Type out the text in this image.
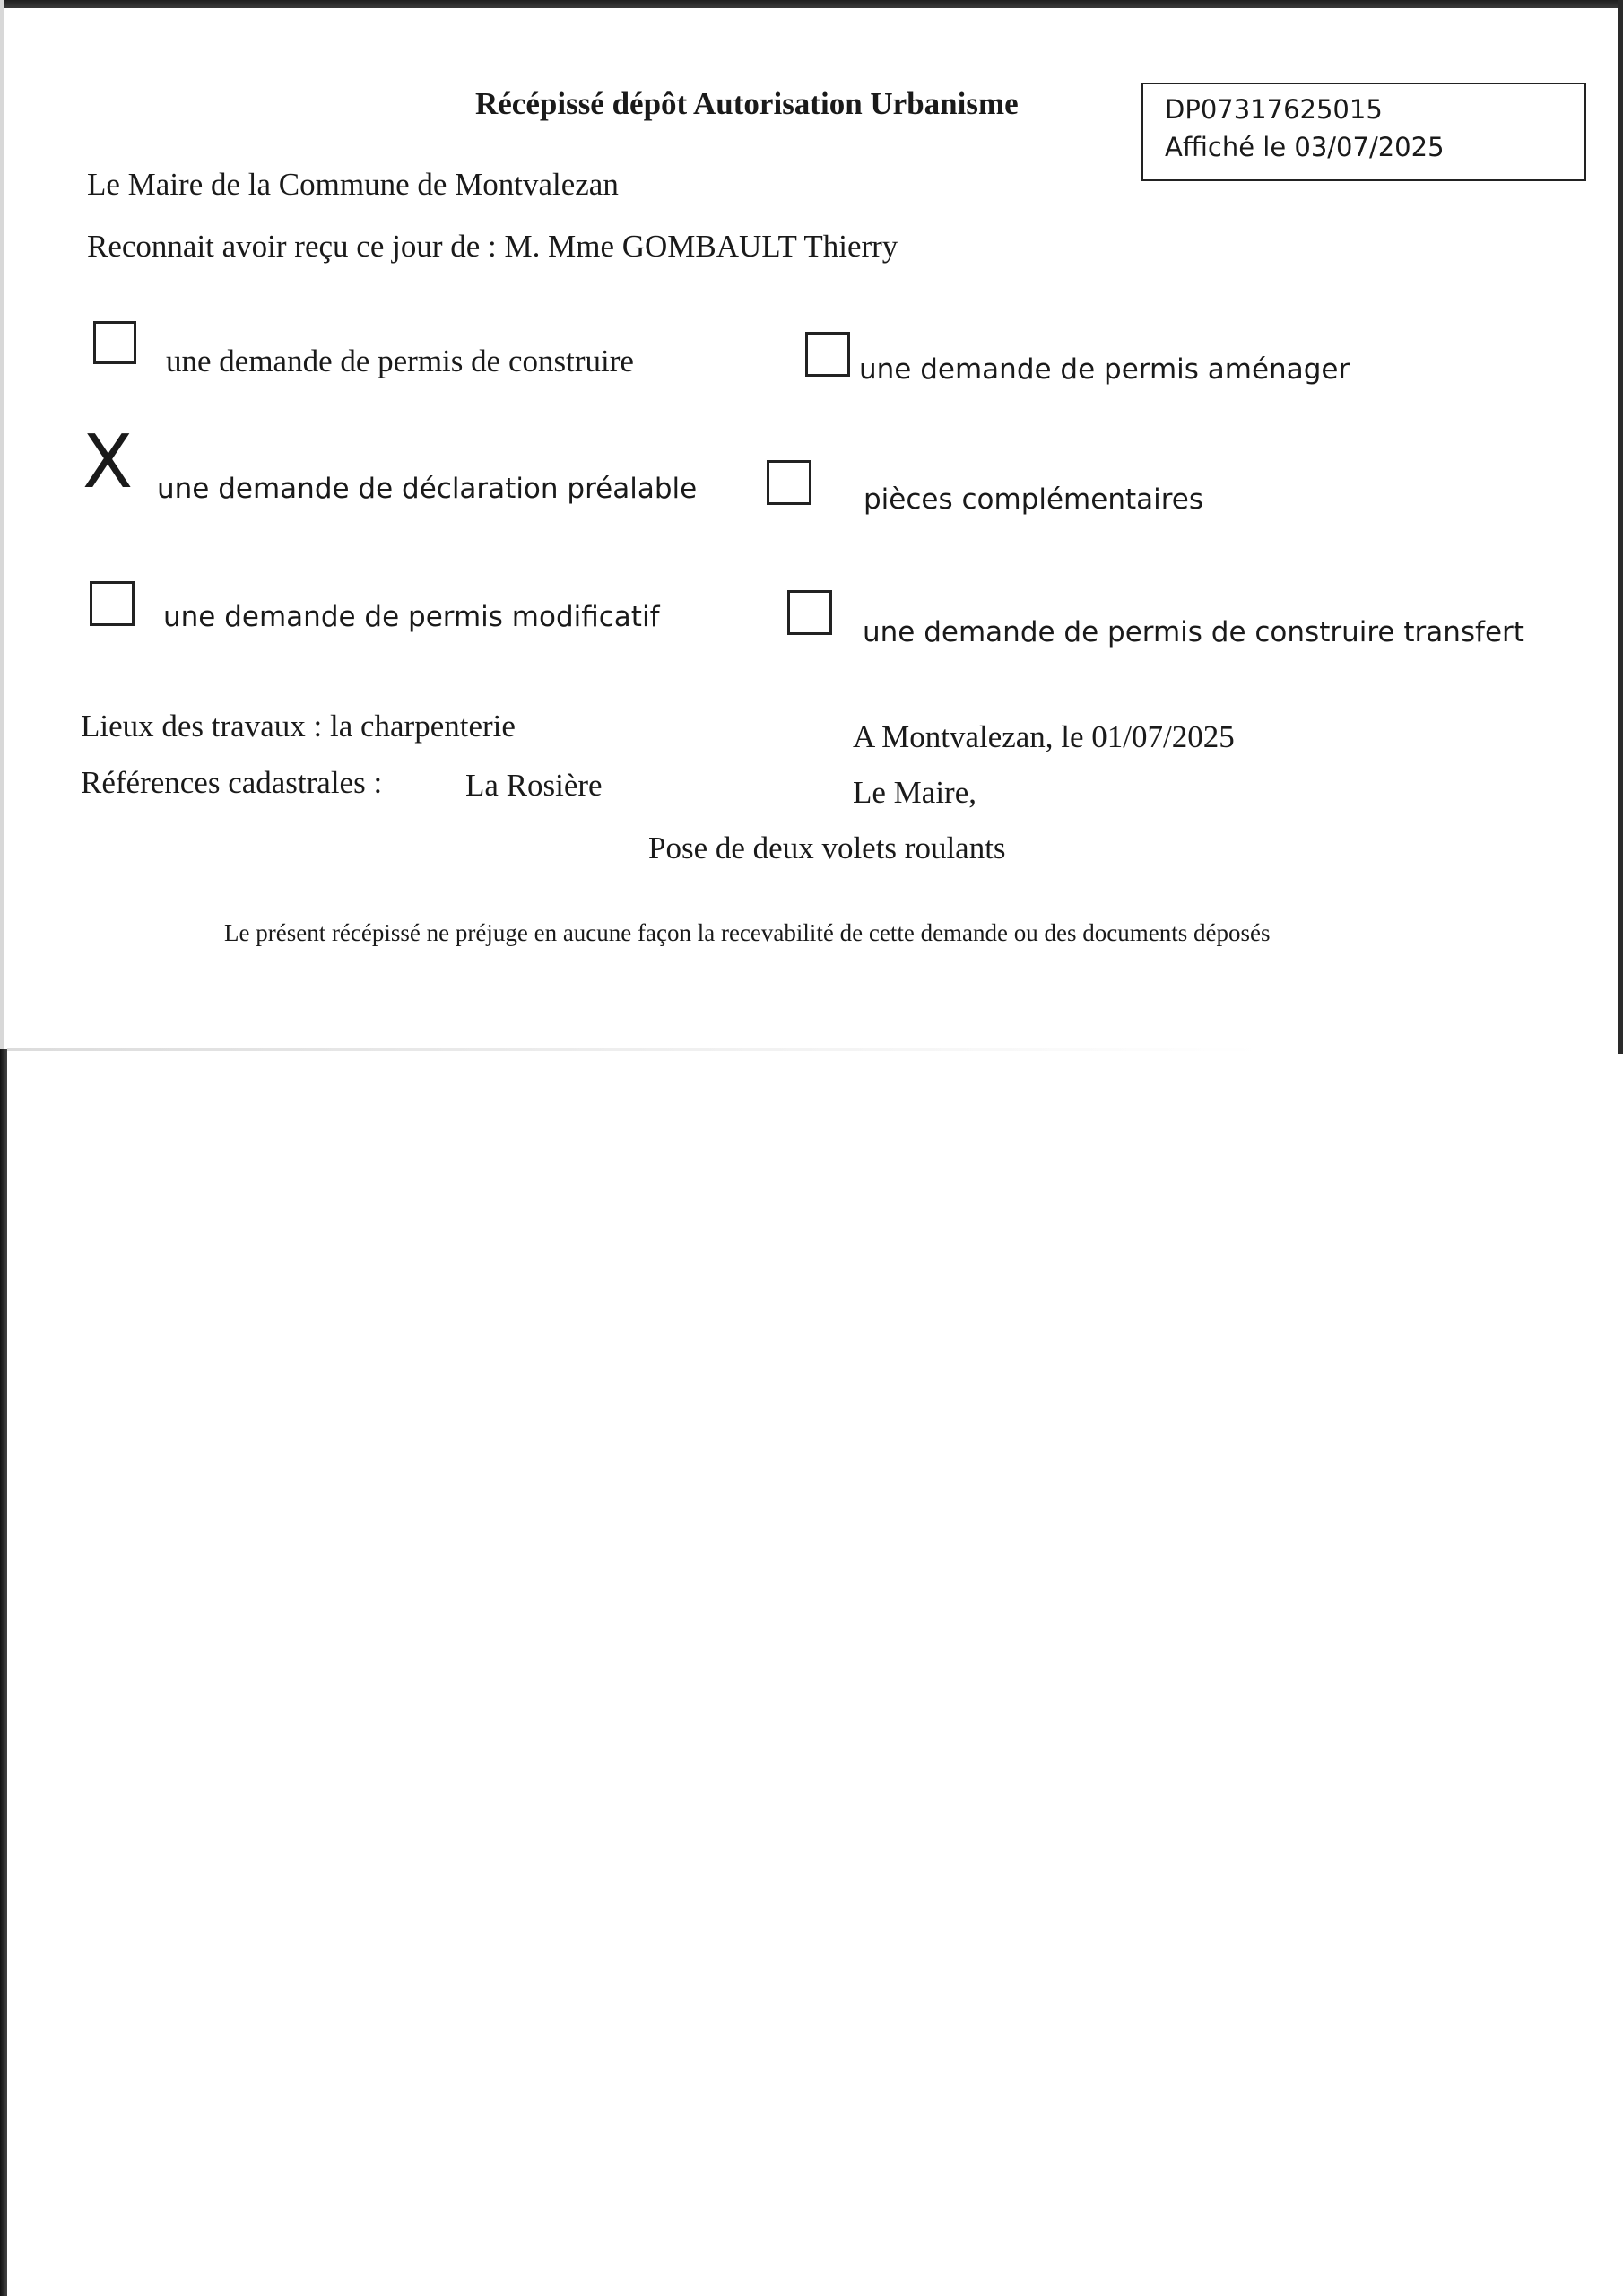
Récépissé dépôt Autorisation Urbanisme	DP07317625015
Affiché le 03/07/2025
Le Maire de la Commune de Montvalezan
Reconnait avoir reçu ce jour de : M. Mme GOMBAULT Thierry
une demande de permis de construire	une demande de permis aménager
X une demande de déclaration préalable	pièces complémentaires
une demande de permis modificatif	une demande de permis de construire transfert
Lieux des travaux : la charpenterie
Références cadastrales :	La Rosière
A Montvalezan, le 01/07/2025
Le Maire,
Pose de deux volets roulants
Le présent récépissé ne préjuge en aucune façon la recevabilité de cette demande ou des documents déposés
